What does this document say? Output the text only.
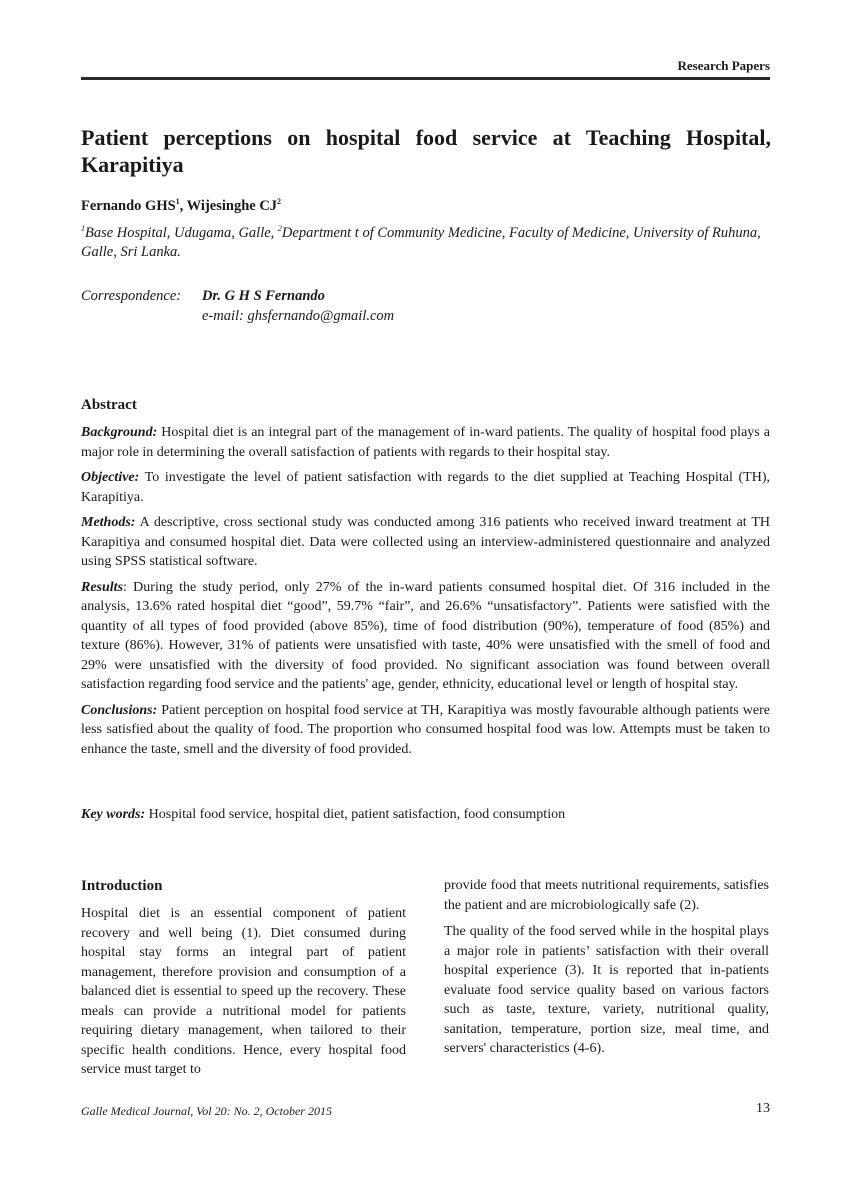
Research Papers
Patient perceptions on hospital food service at Teaching Hospital, Karapitiya
Fernando GHS$^1$, Wijesinghe $CJ^2$
$^1$Base Hospital, Udugama, Galle, $^2$Department t of Community Medicine, Faculty of Medicine, University of Ruhuna, Galle, Sri Lanka.
Correspondence: Dr. G H S Fernando
e-mail: ghsfernando@gmail.com
Abstract

Background: Hospital diet is an integral part of the management of in-ward patients. The quality of hospital food plays a major role in determining the overall satisfaction of patients with regards to their hospital stay.

Objective: To investigate the level of patient satisfaction with regards to the diet supplied at Teaching Hospital (TH), Karapitiya.

Methods: A descriptive, cross sectional study was conducted among 316 patients who received inward treatment at TH Karapitiya and consumed hospital diet. Data were collected using an interview-administered questionnaire and analyzed using SPSS statistical software.

Results: During the study period, only 27% of the in-ward patients consumed hospital diet. Of 316 included in the analysis, 13.6% rated hospital diet “good”, 59.7% “fair”, and 26.6% “unsatisfactory”. Patients were satisfied with the quantity of all types of food provided (above 85%), time of food distribution (90%), temperature of food (85%) and texture (86%). However, 31% of patients were unsatisfied with taste, 40% were unsatisfied with the smell of food and 29% were unsatisfied with the diversity of food provided. No significant association was found between overall satisfaction regarding food service and the patients' age, gender, ethnicity, educational level or length of hospital stay.

Conclusions: Patient perception on hospital food service at TH, Karapitiya was mostly favourable although patients were less satisfied about the quality of food. The proportion who consumed hospital food was low. Attempts must be taken to enhance the taste, smell and the diversity of food provided.

Key words: Hospital food service, hospital diet, patient satisfaction, food consumption
Introduction

Hospital diet is an essential component of patient recovery and well being (1). Diet consumed during hospital stay forms an integral part of patient management, therefore provision and consumption of a balanced diet is essential to speed up the recovery. These meals can provide a nutritional model for patients requiring dietary management, when tailored to their specific health conditions. Hence, every hospital food service must target to

provide food that meets nutritional requirements, satisfies the patient and are microbiologically safe (2).

The quality of the food served while in the hospital plays a major role in patients’ satisfaction with their overall hospital experience (3). It is reported that in-patients evaluate food service quality based on various factors such as taste, texture, variety, nutritional quality, sanitation, temperature, portion size, meal time, and servers' characteristics (4-6).

Galle Medical Journal, Vol 20: No. 2, October 2015	13
